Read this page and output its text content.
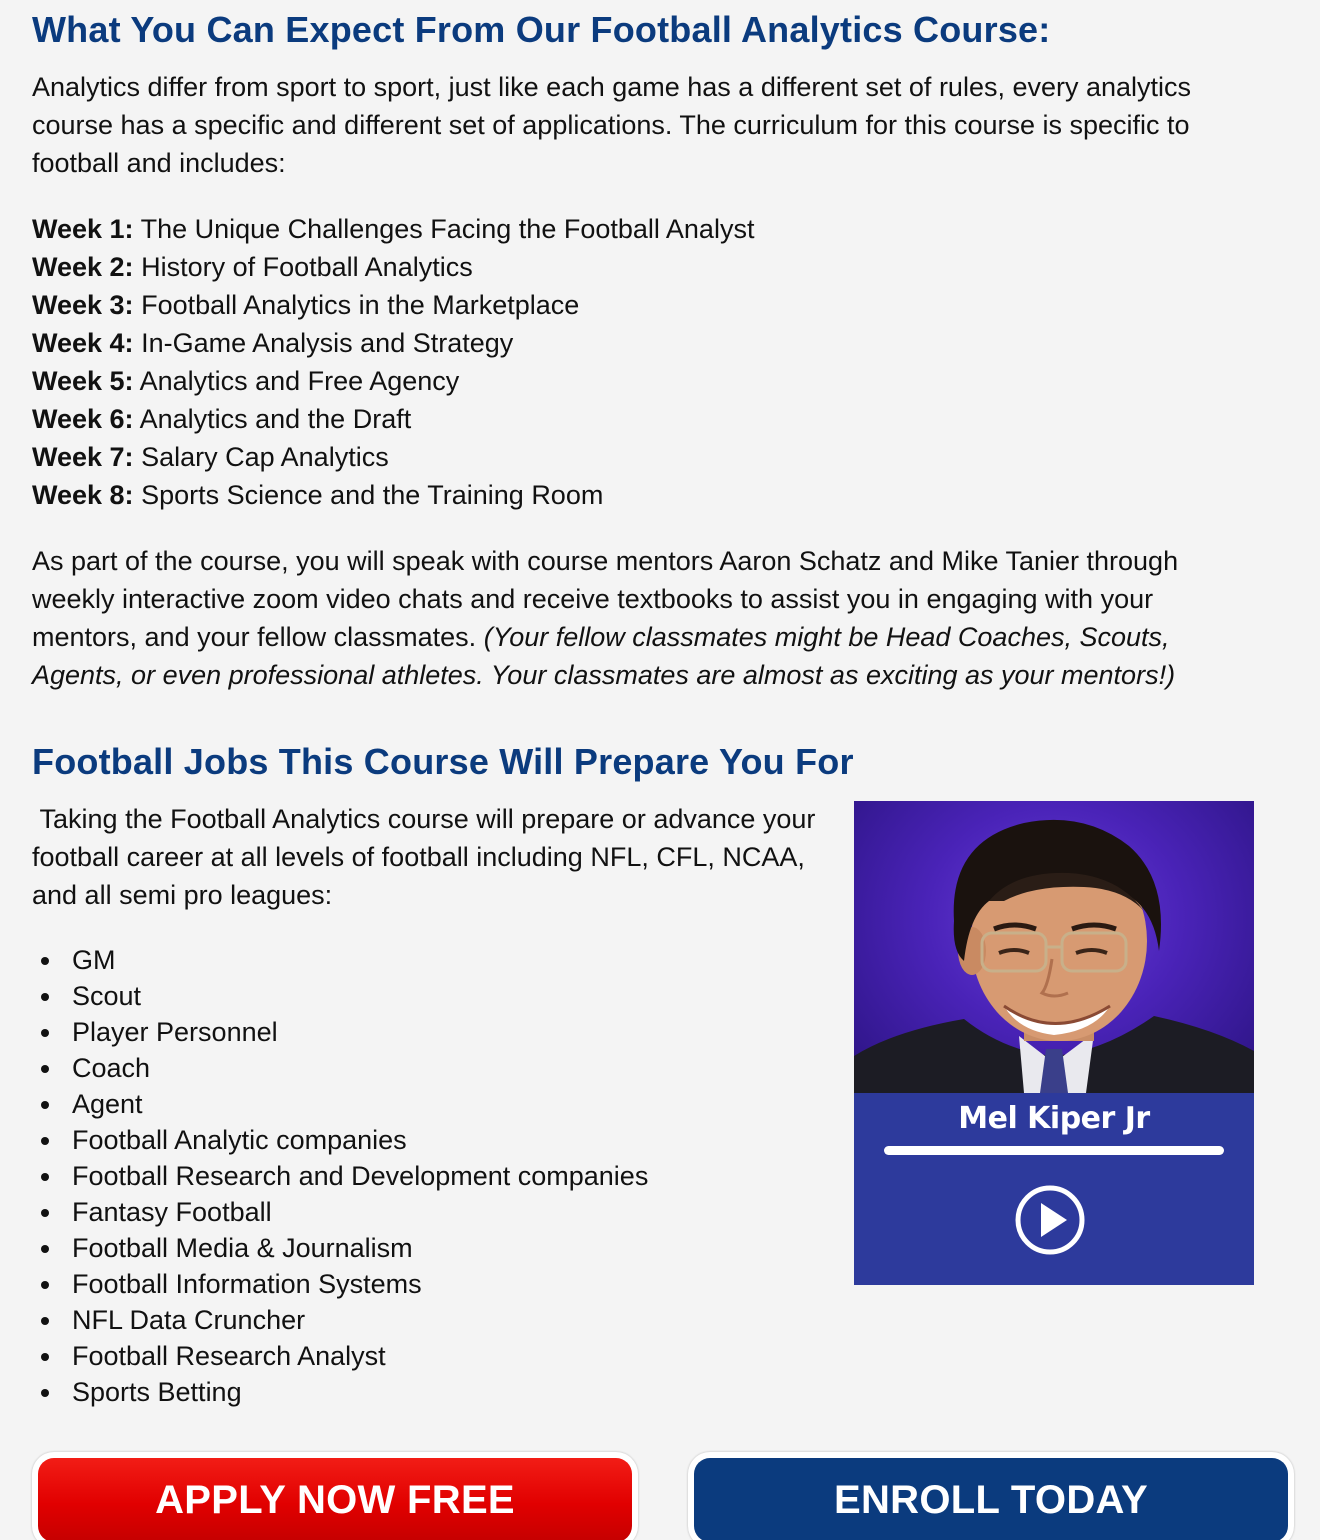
What You Can Expect From Our Football Analytics Course:

Analytics differ from sport to sport, just like each game has a different set of rules, every analytics course has a specific and different set of applications. The curriculum for this course is specific to football and includes:

Week 1: The Unique Challenges Facing the Football Analyst
Week 2: History of Football Analytics
Week 3: Football Analytics in the Marketplace
Week 4: In-Game Analysis and Strategy
Week 5: Analytics and Free Agency
Week 6: Analytics and the Draft
Week 7: Salary Cap Analytics
Week 8: Sports Science and the Training Room

As part of the course, you will speak with course mentors Aaron Schatz and Mike Tanier through weekly interactive zoom video chats and receive textbooks to assist you in engaging with your mentors, and your fellow classmates. (Your fellow classmates might be Head Coaches, Scouts, Agents, or even professional athletes. Your classmates are almost as exciting as your mentors!)

Football Jobs This Course Will Prepare You For

Taking the Football Analytics course will prepare or advance your football career at all levels of football including NFL, CFL, NCAA, and all semi pro leagues:

GM
Scout
Player Personnel
Coach
Agent
Football Analytic companies
Football Research and Development companies
Fantasy Football
Football Media & Journalism
Football Information Systems
NFL Data Cruncher
Football Research Analyst
Sports Betting
Mel Kiper Jr
APPLY NOW FREE	ENROLL TODAY
